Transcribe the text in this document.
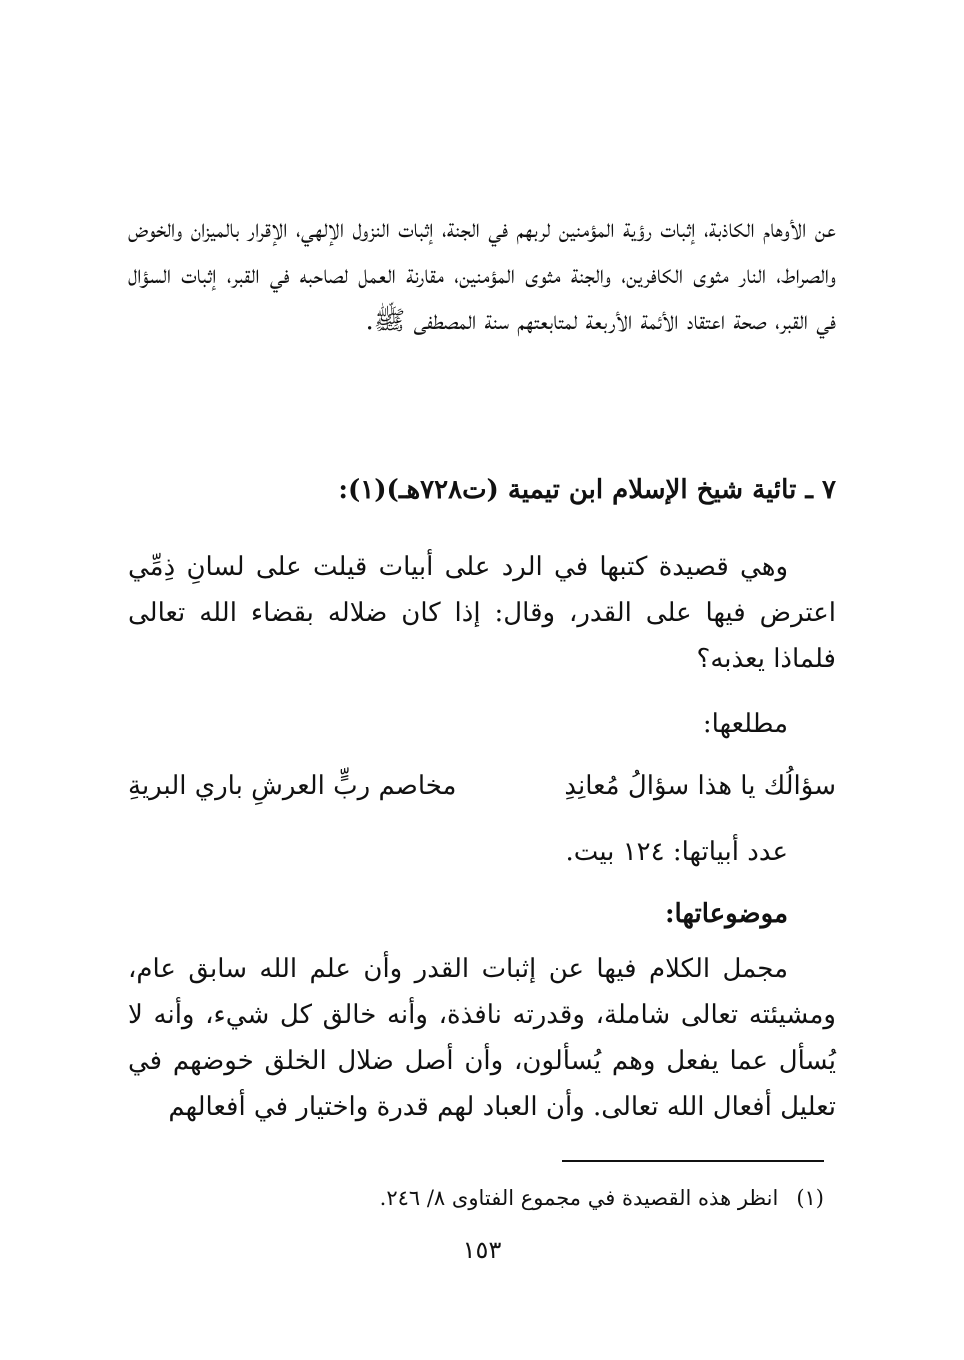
عن الأوهام الكاذبة، إثبات رؤية المؤمنين لربهم في الجنة، إثبات النزول الإلهي، الإقرار بالميزان والخوض والصراط، النار مثوى الكافرين، والجنة مثوى المؤمنين، مقارنة العمل لصاحبه في القبر، إثبات السؤال في القبر، صحة اعتقاد الأئمة الأربعة لمتابعتهم سنة المصطفى ﷺ.

٧ ـ تائية شيخ الإسلام ابن تيمية (ت٧٢٨هـ)(١):

وهي قصيدة كتبها في الرد على أبيات قيلت على لسانِ ذِمِّي اعترض فيها على القدر، وقال: إذا كان ضلاله بقضاء الله تعالى فلماذا يعذبه؟

مطلعها:
سؤالُك يا هذا سؤالُ مُعانِدِ
مخاصم ربٍّ العرشِ باري البريةِ
عدد أبياتها: ١٢٤ بيت.
موضوعاتها:

مجمل الكلام فيها عن إثبات القدر وأن علم الله سابق عام، ومشيئته تعالى شاملة، وقدرته نافذة، وأنه خالق كل شيء، وأنه لا يُسأل عما يفعل وهم يُسألون، وأن أصل ضلال الخلق خوضهم في تعليل أفعال الله تعالى. وأن العباد لهم قدرة واختيار في أفعالهم

(١)انظر هذه القصيدة في مجموع الفتاوى ٨/ ٢٤٦.
١٥٣
